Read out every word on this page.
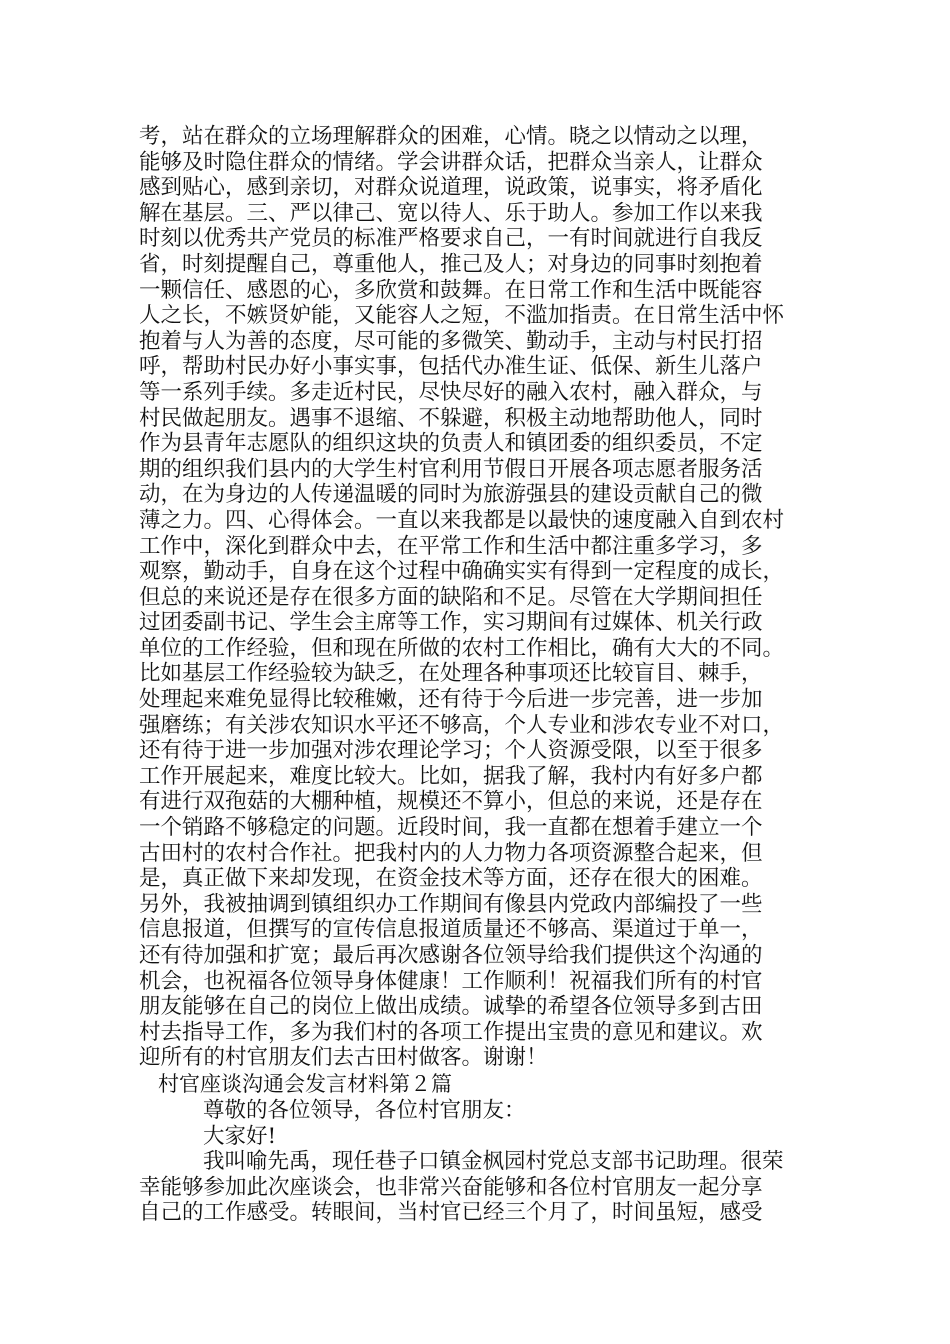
考，站在群众的立场理解群众的困难，心情。晓之以情动之以理，
能够及时隐住群众的情绪。学会讲群众话，把群众当亲人，让群众
感到贴心，感到亲切，对群众说道理，说政策，说事实，将矛盾化
解在基层。三、严以律己、宽以待人、乐于助人。参加工作以来我
时刻以优秀共产党员的标准严格要求自己，一有时间就进行自我反
省，时刻提醒自己，尊重他人，推己及人；对身边的同事时刻抱着
一颗信任、感恩的心，多欣赏和鼓舞。在日常工作和生活中既能容
人之长，不嫉贤妒能，又能容人之短，不滥加指责。在日常生活中怀
抱着与人为善的态度，尽可能的多微笑、勤动手，主动与村民打招
呼，帮助村民办好小事实事，包括代办准生证、低保、新生儿落户
等一系列手续。多走近村民，尽快尽好的融入农村，融入群众，与
村民做起朋友。遇事不退缩、不躲避，积极主动地帮助他人，同时
作为县青年志愿队的组织这块的负责人和镇团委的组织委员，不定
期的组织我们县内的大学生村官利用节假日开展各项志愿者服务活
动，在为身边的人传递温暖的同时为旅游强县的建设贡献自己的微
薄之力。四、心得体会。一直以来我都是以最快的速度融入自到农村
工作中，深化到群众中去，在平常工作和生活中都注重多学习，多
观察，勤动手，自身在这个过程中确确实实有得到一定程度的成长，
但总的来说还是存在很多方面的缺陷和不足。尽管在大学期间担任
过团委副书记、学生会主席等工作，实习期间有过媒体、机关行政
单位的工作经验，但和现在所做的农村工作相比，确有大大的不同。
比如基层工作经验较为缺乏，在处理各种事项还比较盲目、棘手，
处理起来难免显得比较稚嫩，还有待于今后进一步完善，进一步加
强磨练；有关涉农知识水平还不够高，个人专业和涉农专业不对口，
还有待于进一步加强对涉农理论学习；个人资源受限，以至于很多
工作开展起来，难度比较大。比如，据我了解，我村内有好多户都
有进行双孢菇的大棚种植，规模还不算小，但总的来说，还是存在
一个销路不够稳定的问题。近段时间，我一直都在想着手建立一个
古田村的农村合作社。把我村内的人力物力各项资源整合起来，但
是，真正做下来却发现，在资金技术等方面，还存在很大的困难。
另外，我被抽调到镇组织办工作期间有像县内党政内部编投了一些
信息报道，但撰写的宣传信息报道质量还不够高、渠道过于单一，
还有待加强和扩宽；最后再次感谢各位领导给我们提供这个沟通的
机会，也祝福各位领导身体健康！工作顺利！祝福我们所有的村官
朋友能够在自己的岗位上做出成绩。诚挚的希望各位领导多到古田
村去指导工作，多为我们村的各项工作提出宝贵的意见和建议。欢
迎所有的村官朋友们去古田村做客。谢谢！
村官座谈沟通会发言材料第２篇
尊敬的各位领导，各位村官朋友：
大家好!
我叫喻先禹，现任巷子口镇金枫园村党总支部书记助理。很荣
幸能够参加此次座谈会，也非常兴奋能够和各位村官朋友一起分享
自己的工作感受。转眼间，当村官已经三个月了，时间虽短，感受
